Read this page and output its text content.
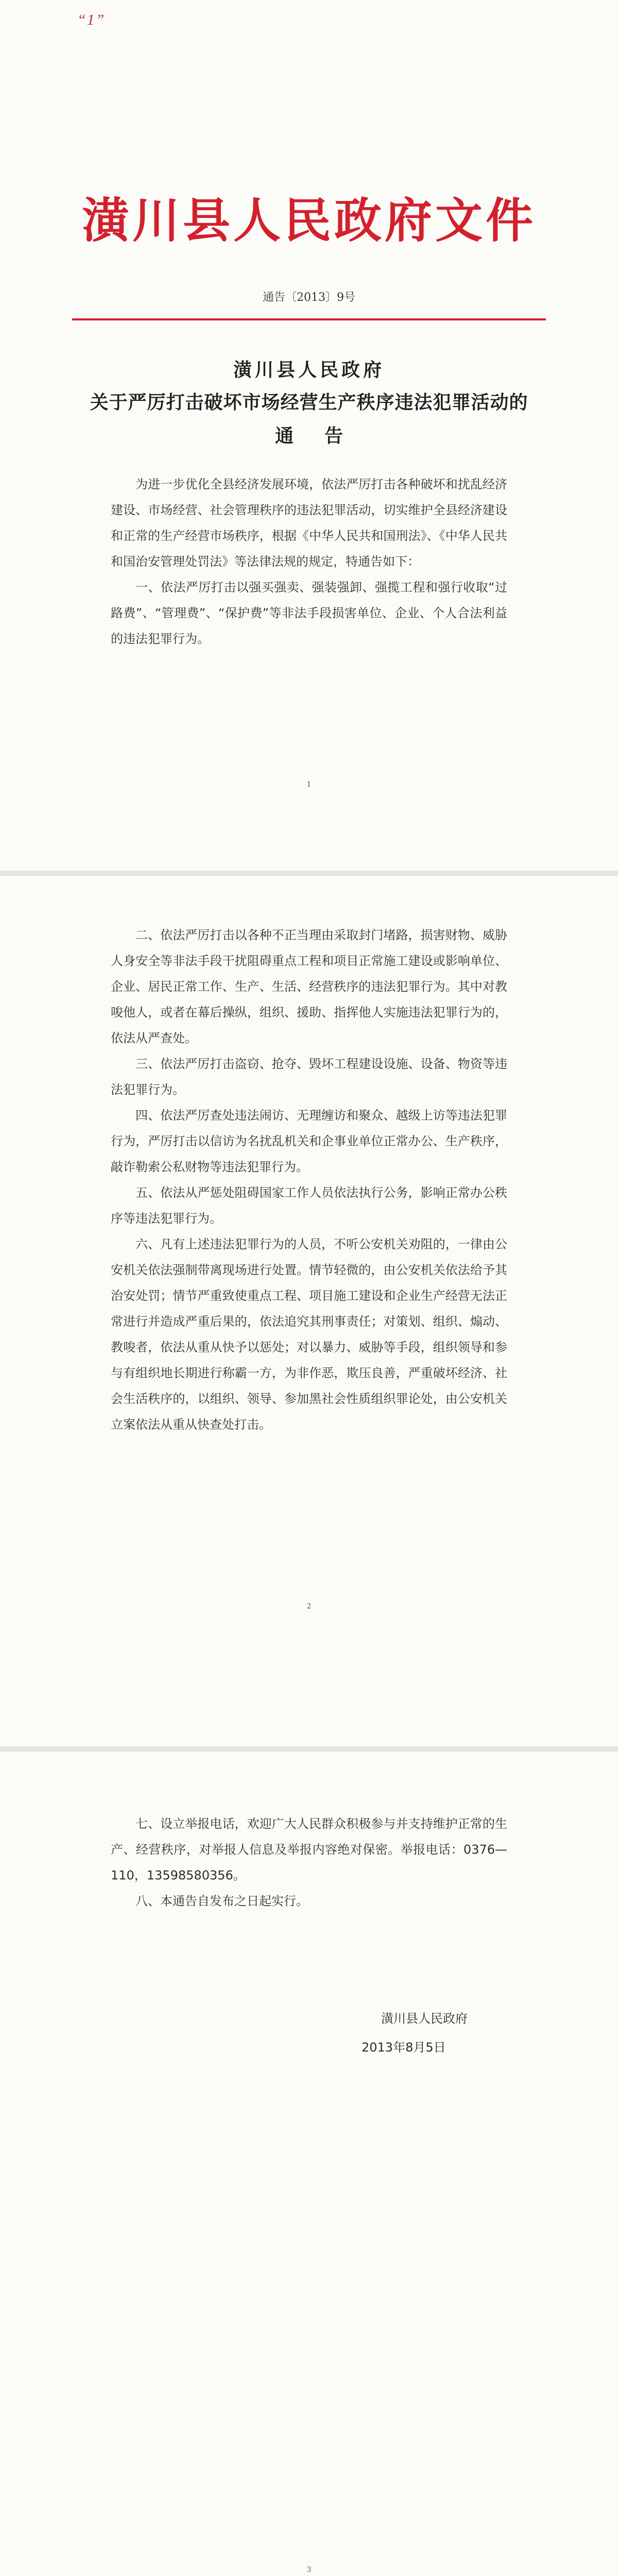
“1”
潢川县人民政府文件
通告〔2013〕9号
潢川县人民政府
关于严厉打击破坏市场经营生产秩序违法犯罪活动的
通告

为进一步优化全县经济发展环境，依法严厉打击各种破坏和扰乱经济建设、市场经营、社会管理秩序的违法犯罪活动，切实维护全县经济建设和正常的生产经营市场秩序，根据《中华人民共和国刑法》、《中华人民共和国治安管理处罚法》等法律法规的规定，特通告如下：

一、依法严厉打击以强买强卖、强装强卸、强揽工程和强行收取“过路费”、“管理费”、“保护费”等非法手段损害单位、企业、个人合法利益的违法犯罪行为。

1

二、依法严厉打击以各种不正当理由采取封门堵路，损害财物、威胁人身安全等非法手段干扰阻碍重点工程和项目正常施工建设或影响单位、企业、居民正常工作、生产、生活、经营秩序的违法犯罪行为。其中对教唆他人，或者在幕后操纵，组织、援助、指挥他人实施违法犯罪行为的，依法从严查处。

三、依法严厉打击盗窃、抢夺、毁坏工程建设设施、设备、物资等违法犯罪行为。

四、依法严厉查处违法闹访、无理缠访和聚众、越级上访等违法犯罪行为，严厉打击以信访为名扰乱机关和企事业单位正常办公、生产秩序，敲诈勒索公私财物等违法犯罪行为。

五、依法从严惩处阻碍国家工作人员依法执行公务，影响正常办公秩序等违法犯罪行为。

六、凡有上述违法犯罪行为的人员，不听公安机关劝阻的，一律由公安机关依法强制带离现场进行处置。情节轻微的，由公安机关依法给予其治安处罚；情节严重致使重点工程、项目施工建设和企业生产经营无法正常进行并造成严重后果的，依法追究其刑事责任；对策划、组织、煽动、教唆者，依法从重从快予以惩处；对以暴力、威胁等手段，组织领导和参与有组织地长期进行称霸一方，为非作恶，欺压良善，严重破坏经济、社会生活秩序的，以组织、领导、参加黑社会性质组织罪论处，由公安机关立案依法从重从快查处打击。

2

七、设立举报电话，欢迎广大人民群众积极参与并支持维护正常的生产、经营秩序，对举报人信息及举报内容绝对保密。举报电话：0376—110，13598580356。

八、本通告自发布之日起实行。

潢川县人民政府
2013年8月5日
3
